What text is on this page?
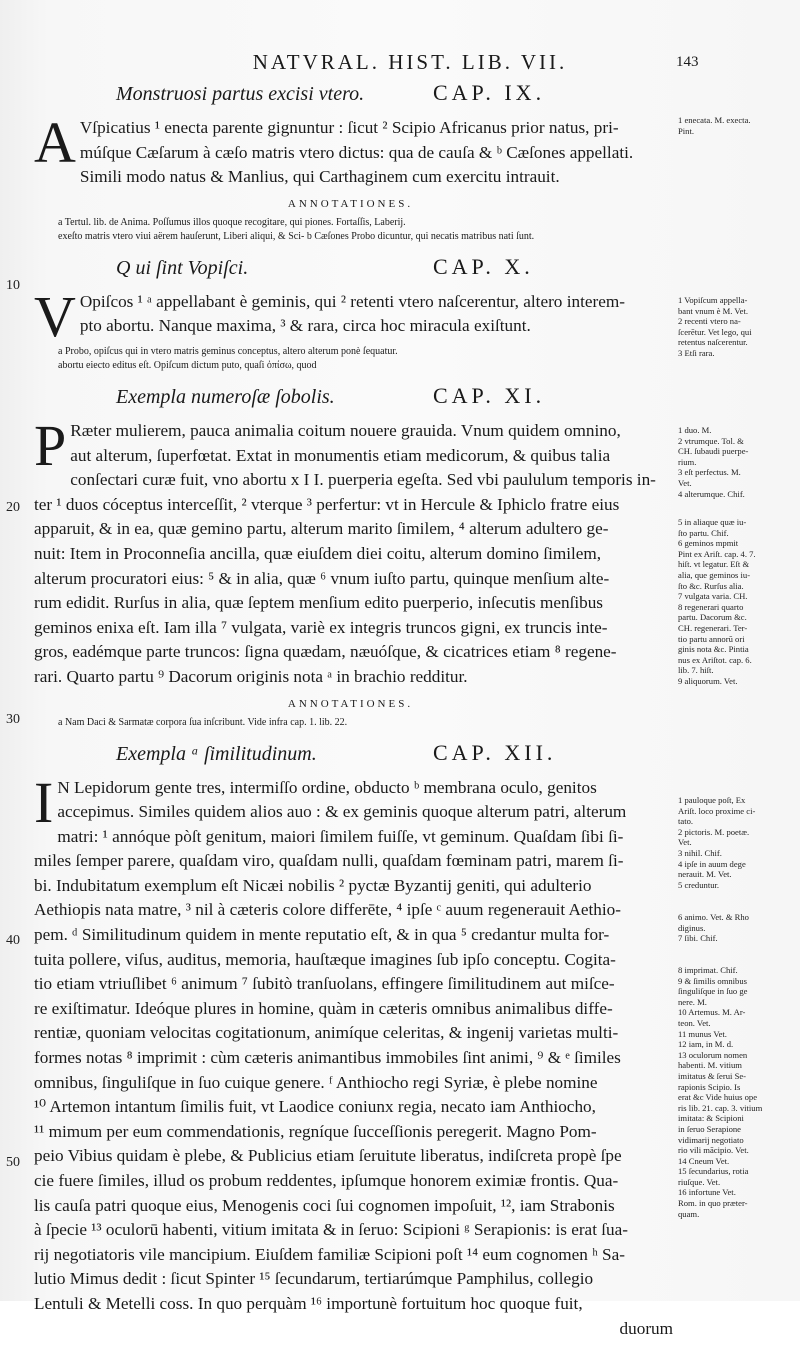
NATVRAL. HIST. LIB. VII.	143
10
20
30
40
50
Monstruosi partus excisi vtero.	CAP. IX.
A Vſpicatius ¹ enecta parente gignuntur : ſicut ² Scipio Africanus prior natus, pri-
múſque Cæſarum à cæſo matris vtero dictus: qua de cauſa & ᵇ Cæſones appellati.
Simili modo natus & Manlius, qui Carthaginem cum exercitu intrauit.
ANNOTATIONES.
a Tertul. lib. de Anima. Poſſumus illos quoque recogitare, qui piones. Fortaſſis, Laberij.
exeſto matris vtero viui aërem hauſerunt, Liberi aliqui, & Sci- b Cæſones Probo dicuntur, qui necatis matribus nati ſunt.
Q ui ſint Vopiſci.	CAP. X.
V Opiſcos ¹ ᵃ appellabant è geminis, qui ² retenti vtero naſcerentur, altero interem-
pto abortu. Nanque maxima, ³ & rara, circa hoc miracula exiſtunt.
a Probo, opiſcus qui in vtero matris geminus conceptus, altero alterum ponè ſequatur.
abortu eiecto editus eſt. Opiſcum dictum puto, quaſi ὀπίσω, quod
Exempla numeroſæ ſobolis.	CAP. XI.
P Ræter mulierem, pauca animalia coitum nouere grauida. Vnum quidem omnino,
aut alterum, ſuperfœtat. Extat in monumentis etiam medicorum, & quibus talia
conſectari curæ fuit, vno abortu x I I. puerperia egeſta. Sed vbi paululum temporis in-
ter ¹ duos cóceptus interceſſit, ² vterque ³ perfertur: vt in Hercule & Iphiclo fratre eius
apparuit, & in ea, quæ gemino partu, alterum marito ſimilem, ⁴ alterum adultero ge-
nuit: Item in Proconneſia ancilla, quæ eiuſdem diei coitu, alterum domino ſimilem,
alterum procuratori eius: ⁵ & in alia, quæ ⁶ vnum iuſto partu, quinque menſium alte-
rum edidit. Rurſus in alia, quæ ſeptem menſium edito puerperio, inſecutis menſibus
geminos enixa eſt. Iam illa ⁷ vulgata, variè ex integris truncos gigni, ex truncis inte-
gros, eadémque parte truncos: ſigna quædam, næuóſque, & cicatrices etiam ⁸ regene-
rari. Quarto partu ⁹ Dacorum originis nota ᵃ in brachio redditur.
ANNOTATIONES.
a Nam Daci & Sarmatæ corpora ſua inſcribunt. Vide infra cap. 1. lib. 22.
Exempla ᵃ ſimilitudinum.	CAP. XII.
I N Lepidorum gente tres, intermiſſo ordine, obducto ᵇ membrana oculo, genitos
accepimus. Similes quidem alios auo : & ex geminis quoque alterum patri, alterum
matri: ¹ annóque pòſt genitum, maiori ſimilem fuiſſe, vt geminum. Quaſdam ſibi ſi-
miles ſemper parere, quaſdam viro, quaſdam nulli, quaſdam fœminam patri, marem ſi-
bi. Indubitatum exemplum eſt Nicæi nobilis ² pyctæ Byzantij geniti, qui adulterio
Aethiopis nata matre, ³ nil à cæteris colore differēte, ⁴ ipſe ᶜ auum regenerauit Aethio-
pem. ᵈ Similitudinum quidem in mente reputatio eſt, & in qua ⁵ credantur multa for-
tuita pollere, viſus, auditus, memoria, hauſtæque imagines ſub ipſo conceptu. Cogita-
tio etiam vtriuſlibet ⁶ animum ⁷ ſubitò tranſuolans, effingere ſimilitudinem aut miſce-
re exiſtimatur. Ideóque plures in homine, quàm in cæteris omnibus animalibus diffe-
rentiæ, quoniam velocitas cogitationum, animíque celeritas, & ingenij varietas multi-
formes notas ⁸ imprimit : cùm cæteris animantibus immobiles ſint animi, ⁹ & ᵉ ſimiles
omnibus, ſinguliſque in ſuo cuique genere. ᶠ Anthiocho regi Syriæ, è plebe nomine
¹⁰ Artemon intantum ſimilis fuit, vt Laodice coniunx regia, necato iam Anthiocho,
¹¹ mimum per eum commendationis, regníque ſucceſſionis peregerit. Magno Pom-
peio Vibius quidam è plebe, & Publicius etiam ſeruitute liberatus, indiſcreta propè ſpe
cie fuere ſimiles, illud os probum reddentes, ipſumque honorem eximiæ frontis. Qua-
lis cauſa patri quoque eius, Menogenis coci ſui cognomen impoſuit, ¹², iam Strabonis
à ſpecie ¹³ oculorū habenti, vitium imitata & in ſeruo: Scipioni ᵍ Serapionis: is erat ſua-
rij negotiatoris vile mancipium. Eiuſdem familiæ Scipioni poſt ¹⁴ eum cognomen ʰ Sa-
lutio Mimus dedit : ſicut Spinter ¹⁵ ſecundarum, tertiarúmque Pamphilus, collegio
Lentuli & Metelli coss. In quo perquàm ¹⁶ importunè fortuitum hoc quoque fuit,
duorum
1 enecata. M. execta.
Pint.
1 Vopiſcum appella-
bant vnum è M. Vet.
2 recenti vtero na-
ſcerētur. Vet lego, qui
retentus naſcerentur.
3 Etſi rara.
1 duo. M.
2 vtrumque. Tol. &
CH. ſubaudi puerpe-
rium.
3 eſt perfectus. M.
Vet.
4 alterumque. Chif.
5 in aliaque quæ iu-
ſto partu. Chif.
6 geminos mpmit
Pint ex Ariſt. cap. 4. 7.
hiſt. vt legatur. Eſt &
alia, que geminos iu-
ſto &c. Rurſus alia.
7 vulgata varia. CH.
8 regenerari quarto
partu. Dacorum &c.
CH. regenerari. Ter-
tio partu annorū ori
ginis nota &c. Pintia
nus ex Ariſtot. cap. 6.
lib. 7. hiſt.
9 aliquorum. Vet.
1 pauloque poſt, Ex
Ariſt. loco proxime ci-
tato.
2 pictoris. M. poetæ.
Vet.
3 nihil. Chif.
4 ipſe in auum dege
nerauit. M. Vet.
5 creduntur.
6 animo. Vet. & Rho
diginus.
7 ſibi. Chif.
8 imprimat. Chif.
9 & ſimilis omnibus
ſinguliſque in ſuo ge
nere. M.
10 Artemus. M. Ar-
teon. Vet.
11 munus Vet.
12 iam, in M. d.
13 oculorum nomen
habenti. M. vitium
imitatus & ſerui Se-
rapionis Scipio. Is
erat &c Vide huius ope
ris lib. 21. cap. 3. vitium
imitata: & Scipioni
in ſeruo Serapione
vidimarij negotiato
rio vili mācipio. Vet.
14 Cneum Vet.
15 ſecundarius, rotia
riuſque. Vet.
16 infortune Vet.
Rom. in quo præter-
quam.
